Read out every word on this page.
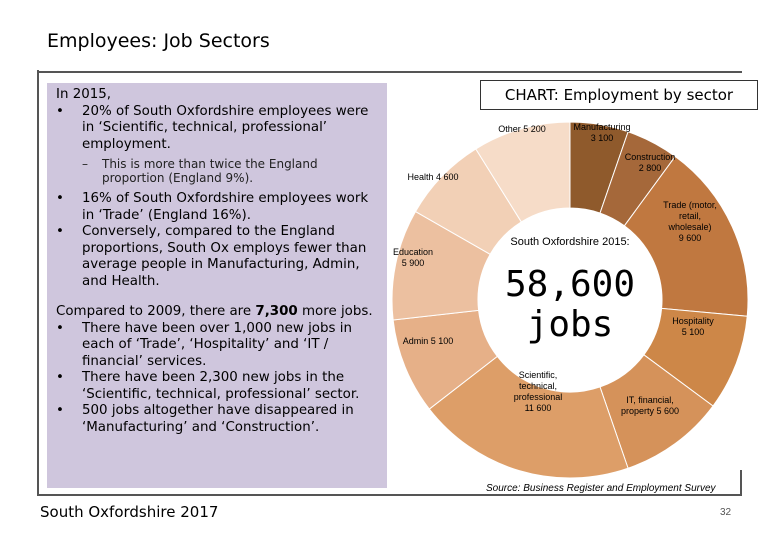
Employees: Job Sectors
In 2015,
•	20% of South Oxfordshire employees were in ‘Scientific, technical, professional’ employment.
–	This is more than twice the England proportion (England 9%).
•	16% of South Oxfordshire employees work in ‘Trade’ (England 16%).
•	Conversely, compared to the England proportions, South Ox employs fewer than average people in Manufacturing, Admin, and Health.
Compared to 2009, there are 7,300 more jobs.
•	There have been over 1,000 new jobs in each of ‘Trade’, ‘Hospitality’ and ‘IT / financial’ services.
•	There have been 2,300 new jobs in the ‘Scientific, technical, professional’ sector.
•	500 jobs altogether have disappeared in ‘Manufacturing’ and ‘Construction’.
Manufacturing 3 100
Construction 2 800
Trade (motor, retail, wholesale) 9 600
Hospitality 5 100
IT, financial, property 5 600
Scientific, technical, professional 11 600
Admin 5 100
Education 5 900
Health 4 600
Other 5 200
South Oxfordshire 2015:
58,600 jobs
CHART: Employment by sector
Source: Business Register and Employment Survey
South Oxfordshire 2017	32
